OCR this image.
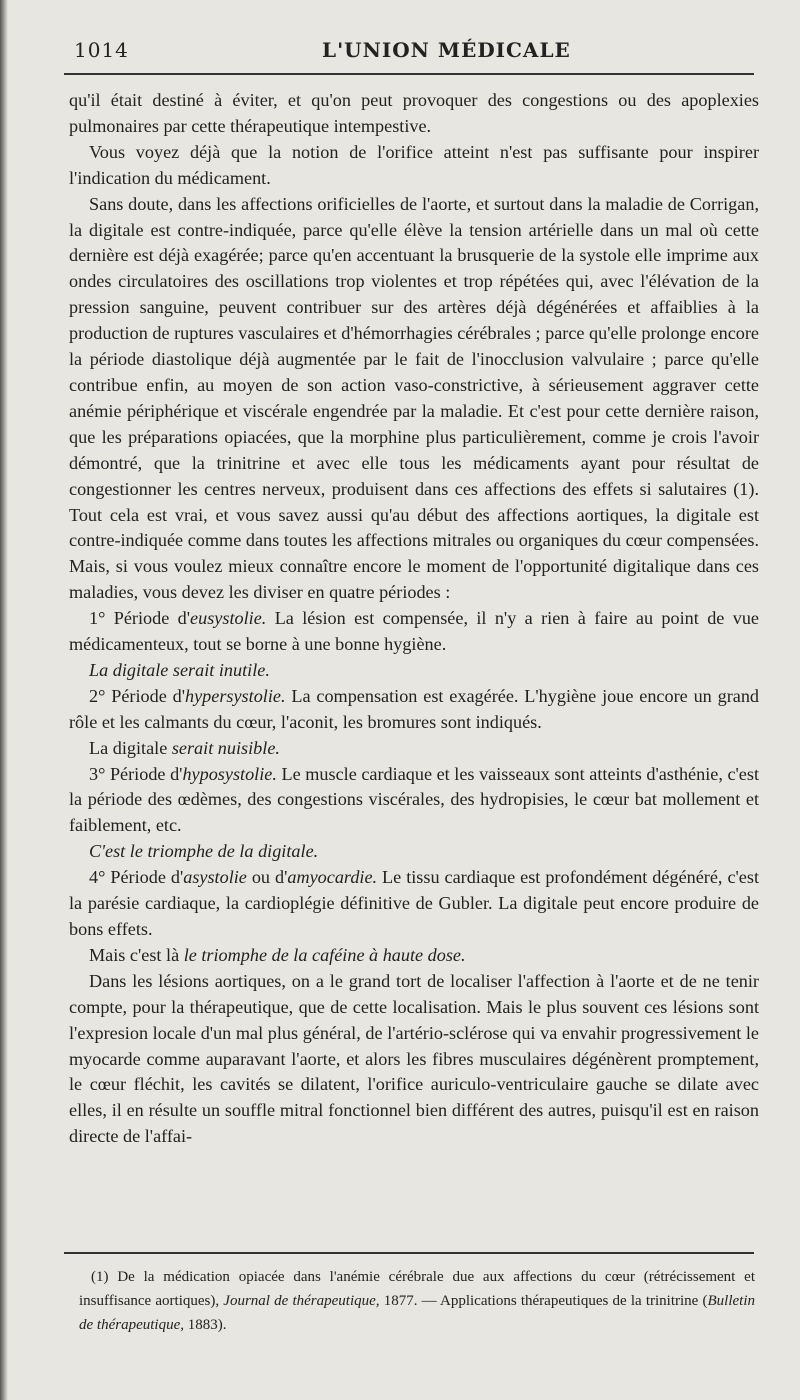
1014	L'UNION MÉDICALE

qu'il était destiné à éviter, et qu'on peut provoquer des congestions ou des apoplexies pulmonaires par cette thérapeutique intempestive.

Vous voyez déjà que la notion de l'orifice atteint n'est pas suffisante pour inspirer l'indication du médicament.

Sans doute, dans les affections orificielles de l'aorte, et surtout dans la maladie de Corrigan, la digitale est contre-indiquée, parce qu'elle élève la tension artérielle dans un mal où cette dernière est déjà exagérée; parce qu'en accentuant la brusquerie de la systole elle imprime aux ondes circulatoires des oscillations trop violentes et trop répétées qui, avec l'élévation de la pression sanguine, peuvent contribuer sur des artères déjà dégénérées et affaiblies à la production de ruptures vasculaires et d'hémorrhagies cérébrales ; parce qu'elle prolonge encore la période diastolique déjà augmentée par le fait de l'inocclusion valvulaire ; parce qu'elle contribue enfin, au moyen de son action vaso-constrictive, à sérieusement aggraver cette anémie périphérique et viscérale engendrée par la maladie. Et c'est pour cette dernière raison, que les préparations opiacées, que la morphine plus particulièrement, comme je crois l'avoir démontré, que la trinitrine et avec elle tous les médicaments ayant pour résultat de congestionner les centres nerveux, produisent dans ces affections des effets si salutaires (1). Tout cela est vrai, et vous savez aussi qu'au début des affections aortiques, la digitale est contre-indiquée comme dans toutes les affections mitrales ou organiques du cœur compensées. Mais, si vous voulez mieux connaître encore le moment de l'opportunité digitalique dans ces maladies, vous devez les diviser en quatre périodes :

1° Période d'eusystolie. La lésion est compensée, il n'y a rien à faire au point de vue médicamenteux, tout se borne à une bonne hygiène.

La digitale serait inutile.

2° Période d'hypersystolie. La compensation est exagérée. L'hygiène joue encore un grand rôle et les calmants du cœur, l'aconit, les bromures sont indiqués.

La digitale serait nuisible.

3° Période d'hyposystolie. Le muscle cardiaque et les vaisseaux sont atteints d'asthénie, c'est la période des œdèmes, des congestions viscérales, des hydropisies, le cœur bat mollement et faiblement, etc.

C'est le triomphe de la digitale.

4° Période d'asystolie ou d'amyocardie. Le tissu cardiaque est profondément dégénéré, c'est la parésie cardiaque, la cardioplégie définitive de Gubler. La digitale peut encore produire de bons effets.

Mais c'est là le triomphe de la caféine à haute dose.

Dans les lésions aortiques, on a le grand tort de localiser l'affection à l'aorte et de ne tenir compte, pour la thérapeutique, que de cette localisation. Mais le plus souvent ces lésions sont l'expresion locale d'un mal plus général, de l'artério-sclérose qui va envahir progressivement le myocarde comme auparavant l'aorte, et alors les fibres musculaires dégénèrent promptement, le cœur fléchit, les cavités se dilatent, l'orifice auriculo-ventriculaire gauche se dilate avec elles, il en résulte un souffle mitral fonctionnel bien différent des autres, puisqu'il est en raison directe de l'affai-

(1) De la médication opiacée dans l'anémie cérébrale due aux affections du cœur (rétrécissement et insuffisance aortiques), Journal de thérapeutique, 1877. — Applications thérapeutiques de la trinitrine (Bulletin de thérapeutique, 1883).
